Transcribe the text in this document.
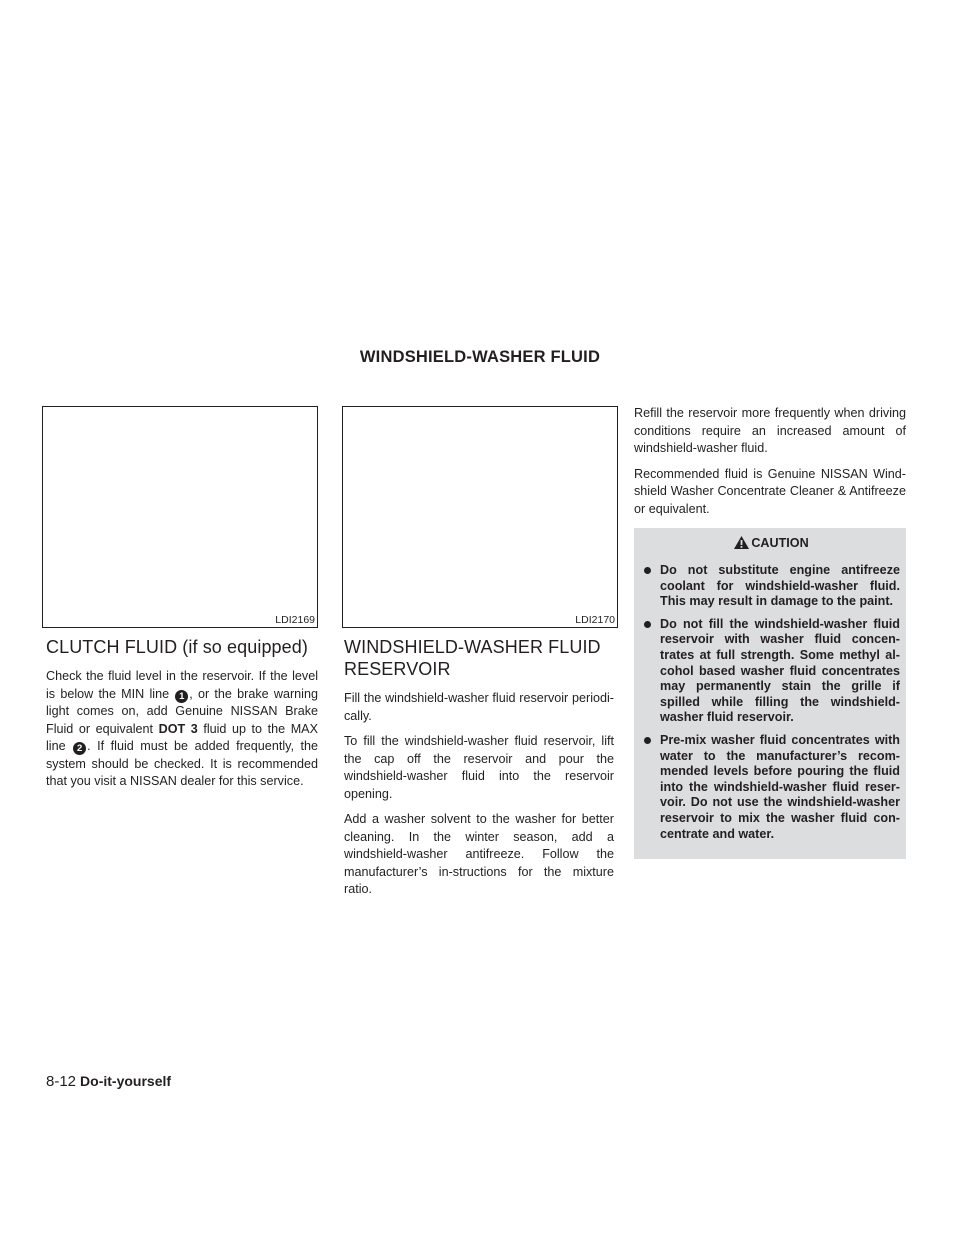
WINDSHIELD-WASHER FLUID
LDI2169	LDI2170
CLUTCH FLUID (if so equipped)

Check the fluid level in the reservoir. If the level is below the MIN line 1 , or the brake warning light comes on, add Genuine NISSAN Brake Fluid or equivalent DOT 3 fluid up to the MAX line 2 . If fluid must be added frequently, the system should be checked. It is recommended that you visit a NISSAN dealer for this service.

WINDSHIELD-WASHER FLUID RESERVOIR

Fill the windshield-washer fluid reservoir periodi-cally.

To fill the windshield-washer fluid reservoir, lift the cap off the reservoir and pour the windshield-washer fluid into the reservoir opening.

Add a washer solvent to the washer for better cleaning. In the winter season, add a windshield-washer antifreeze. Follow the manufacturer’s in-structions for the mixture ratio.

Refill the reservoir more frequently when driving conditions require an increased amount of windshield-washer fluid.

Recommended fluid is Genuine NISSAN Wind-shield Washer Concentrate Cleaner & Antifreeze or equivalent.

CAUTION
Do not substitute engine antifreeze coolant for windshield-washer fluid. This may result in damage to the paint.
Do not fill the windshield-washer fluid reservoir with washer fluid concen-trates at full strength. Some methyl al-cohol based washer fluid concentrates may permanently stain the grille if spilled while filling the windshield-washer fluid reservoir.
Pre-mix washer fluid concentrates with water to the manufacturer’s recom-mended levels before pouring the fluid into the windshield-washer fluid reser-voir. Do not use the windshield-washer reservoir to mix the washer fluid con-centrate and water.
8-12 Do-it-yourself
